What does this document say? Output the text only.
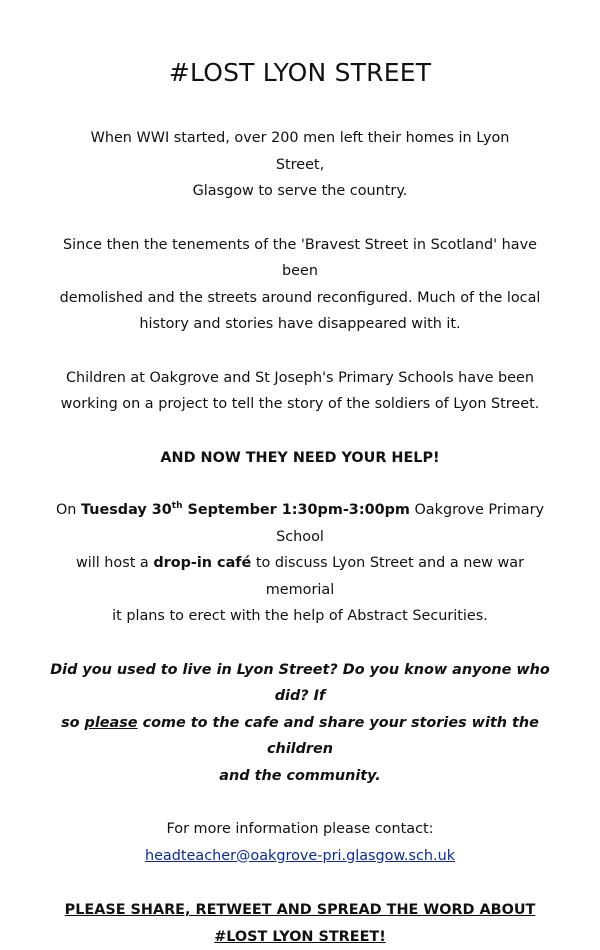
#LOST LYON STREET
When WWI started, over 200 men left their homes in Lyon Street,
Glasgow to serve the country.
Since then the tenements of the 'Bravest Street in Scotland' have been
demolished and the streets around reconfigured. Much of the local
history and stories have disappeared with it.
Children at Oakgrove and St Joseph's Primary Schools have been
working on a project to tell the story of the soldiers of Lyon Street.
AND NOW THEY NEED YOUR HELP!
On Tuesday 30th September 1:30pm-3:00pm Oakgrove Primary School
will host a drop-in café to discuss Lyon Street and a new war memorial
it plans to erect with the help of Abstract Securities.
Did you used to live in Lyon Street? Do you know anyone who did? If
so please come to the cafe and share your stories with the children
and the community.
For more information please contact:
headteacher@oakgrove-pri.glasgow.sch.uk
PLEASE SHARE, RETWEET AND SPREAD THE WORD ABOUT
#LOST LYON STREET!
